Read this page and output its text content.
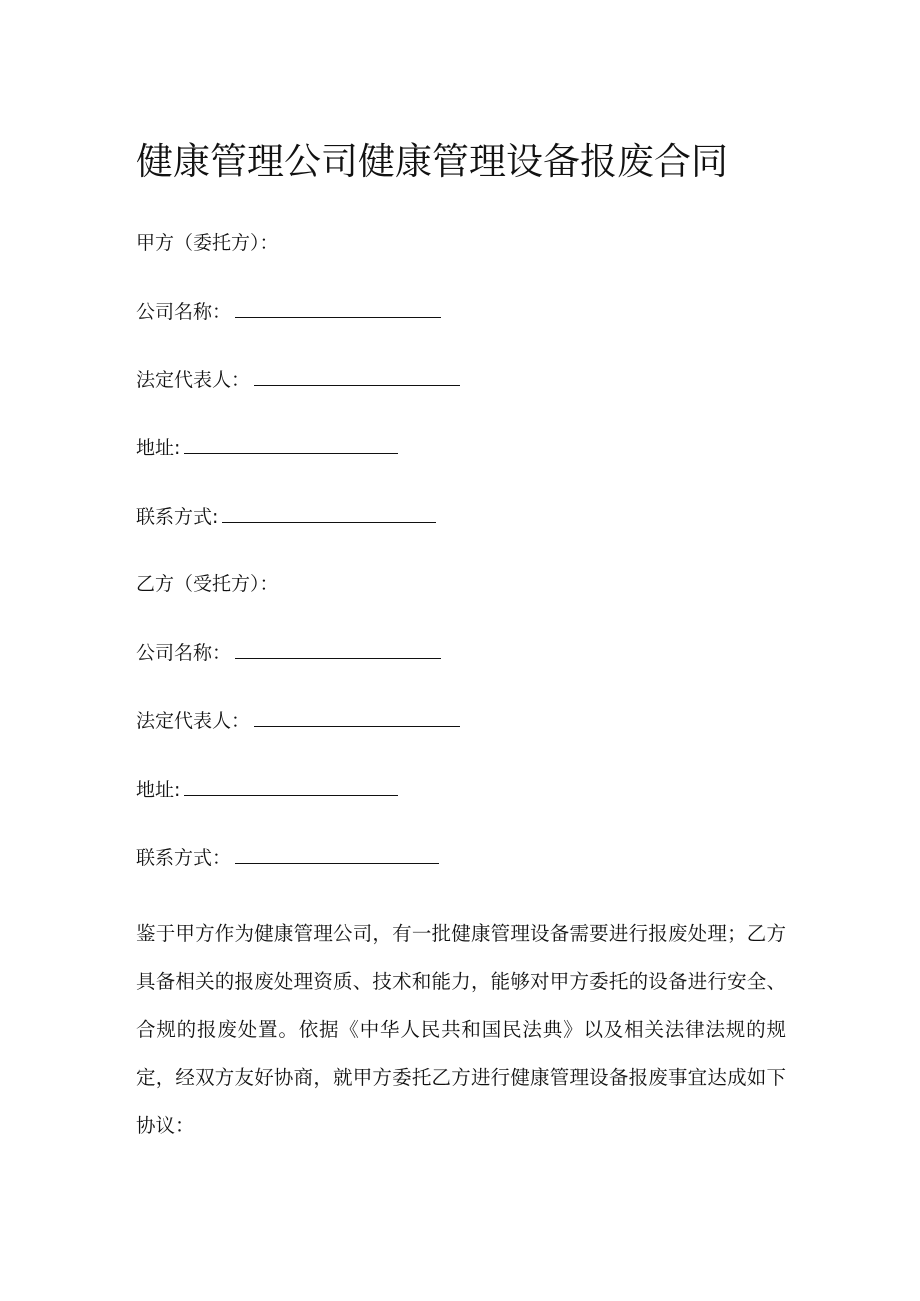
健康管理公司健康管理设备报废合同
甲方（委托方）：
公司名称：
法定代表人：
地址:
联系方式:
乙方（受托方）：
公司名称：
法定代表人：
地址:
联系方式：

鉴于甲方作为健康管理公司，有一批健康管理设备需要进行报废处理；乙方具备相关的报废处理资质、技术和能力，能够对甲方委托的设备进行安全、合规的报废处置。依据《中华人民共和国民法典》以及相关法律法规的规定，经双方友好协商，就甲方委托乙方进行健康管理设备报废事宜达成如下协议：
